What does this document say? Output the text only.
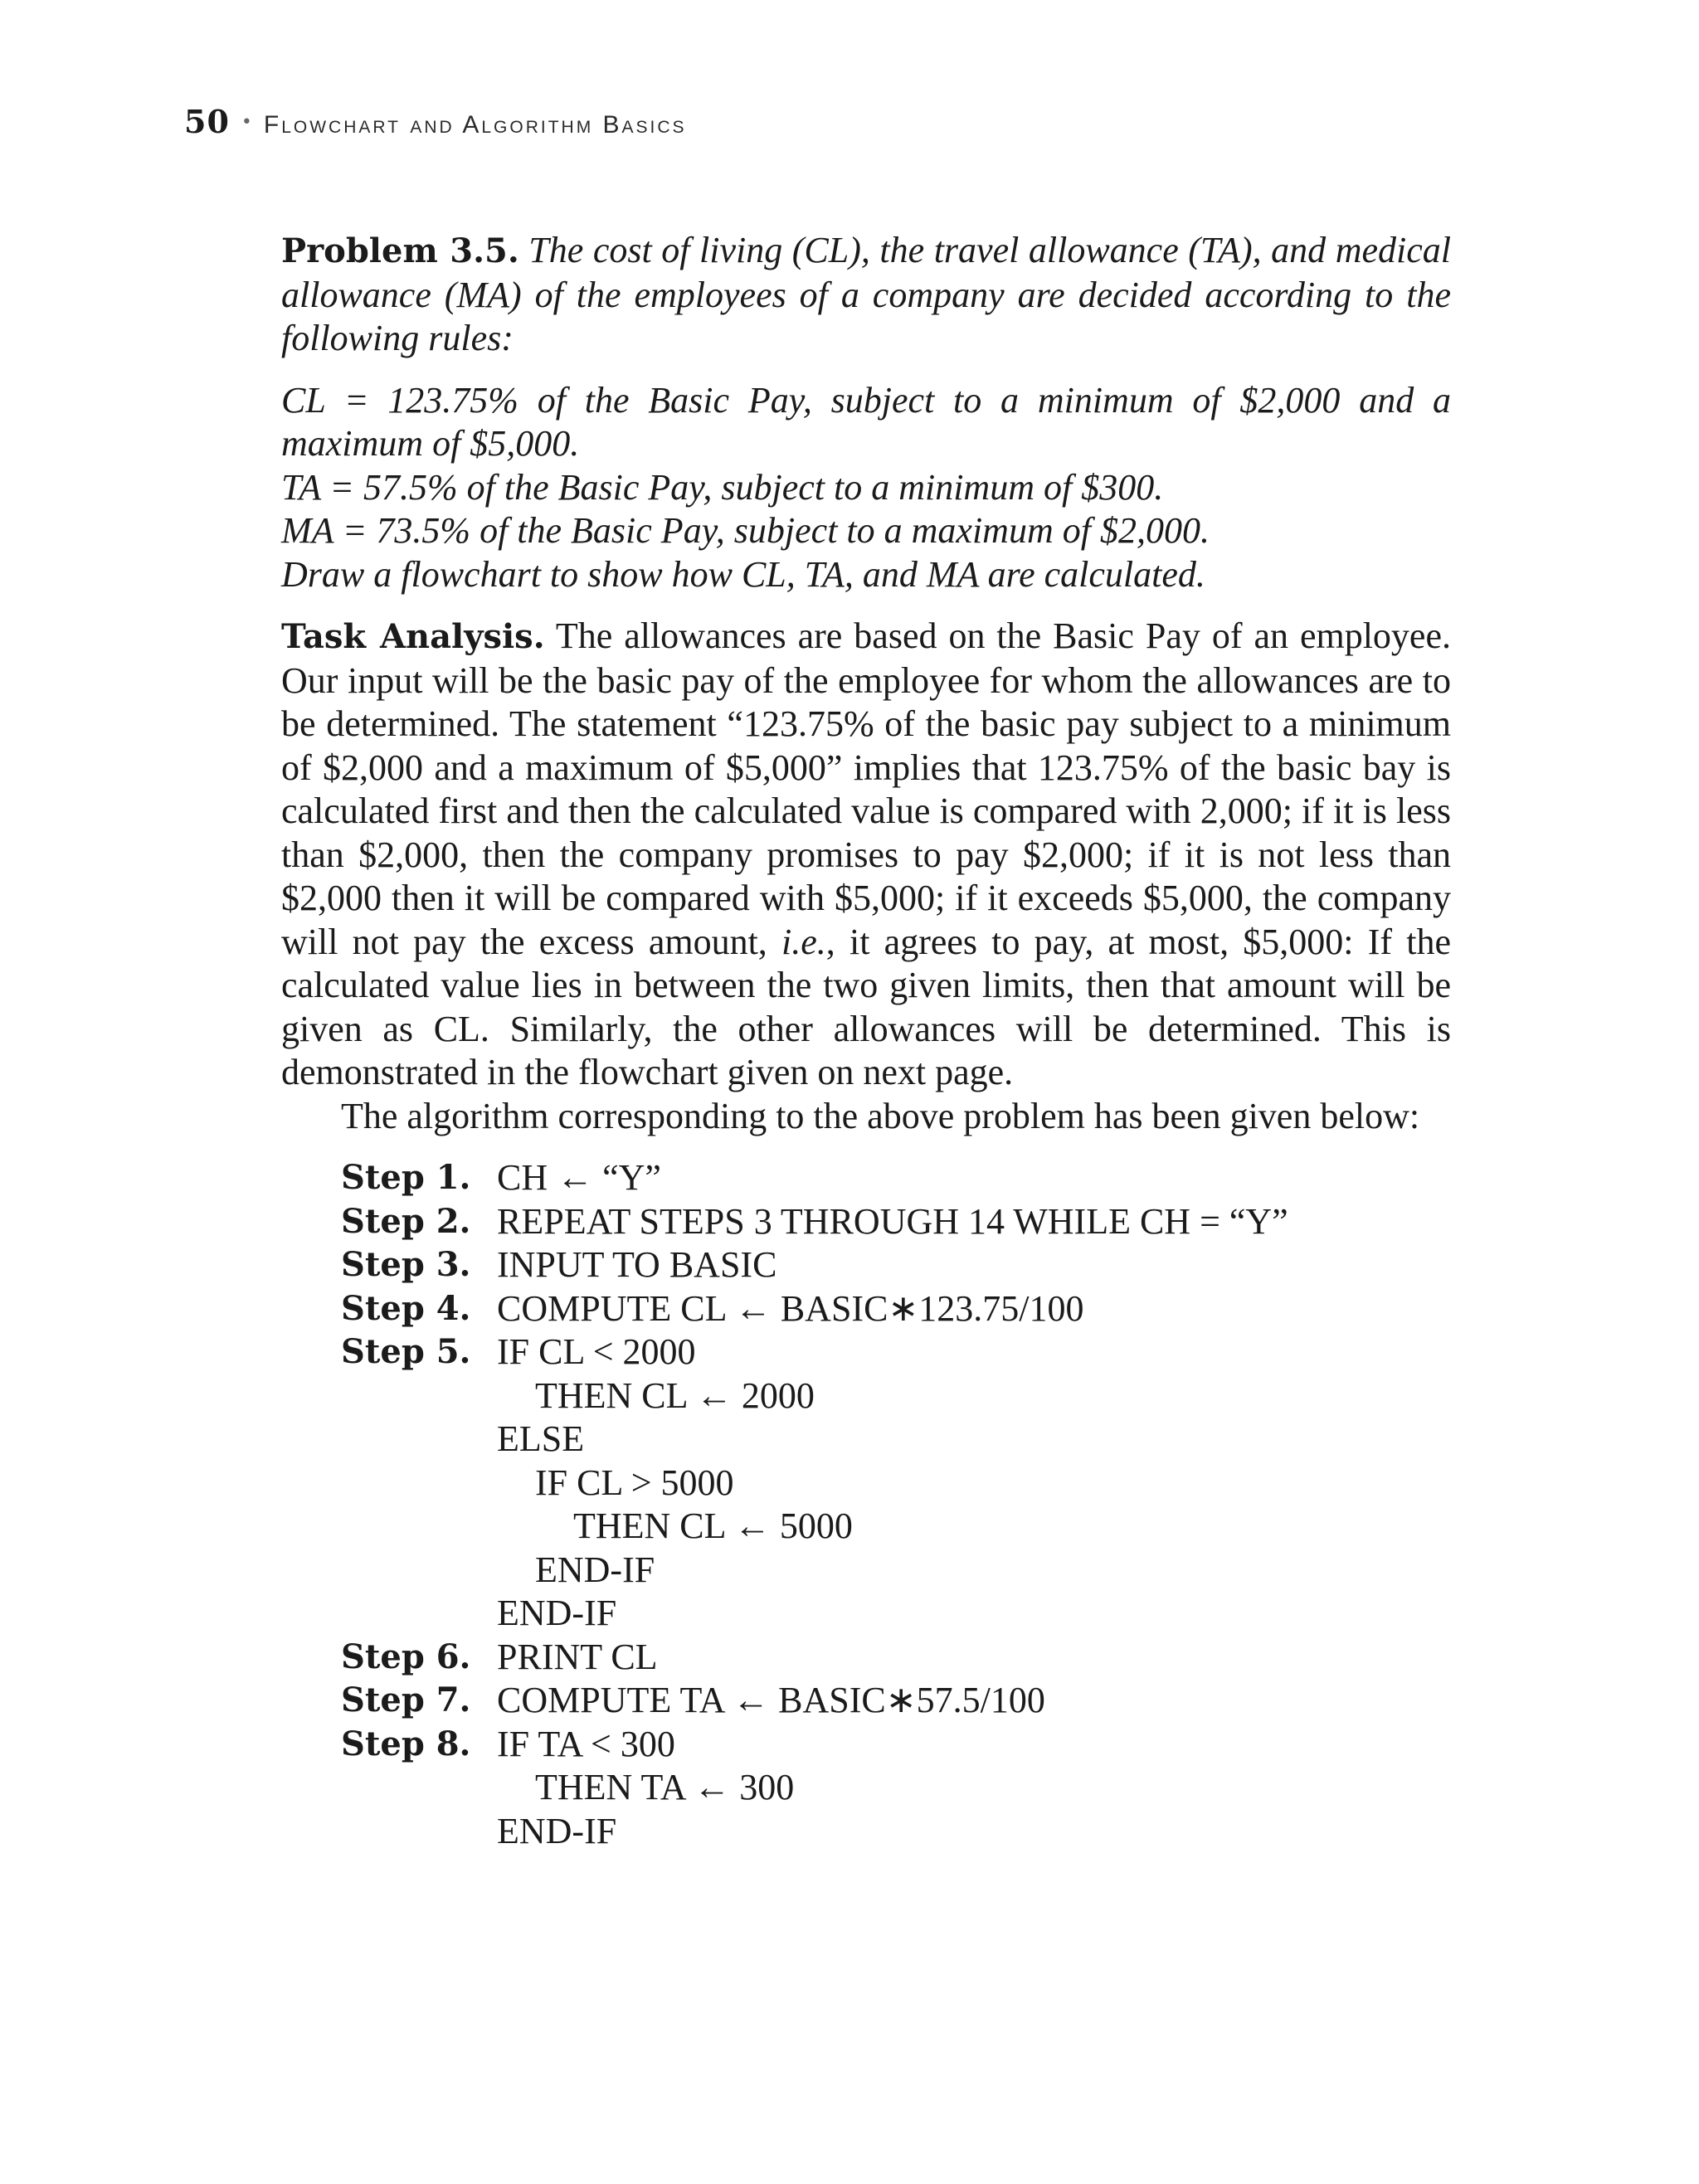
50 • Flowchart and Algorithm Basics

Problem 3.5. The cost of living (CL), the travel allowance (TA), and medical allowance (MA) of the employees of a company are decided according to the following rules:

CL = 123.75% of the Basic Pay, subject to a minimum of $2,000 and a maximum of $5,000.
TA = 57.5% of the Basic Pay, subject to a minimum of $300.
MA = 73.5% of the Basic Pay, subject to a maximum of $2,000.
Draw a flowchart to show how CL, TA, and MA are calculated.

Task Analysis. The allowances are based on the Basic Pay of an employee. Our input will be the basic pay of the employee for whom the allowances are to be determined. The statement “123.75% of the basic pay subject to a minimum of $2,000 and a maximum of $5,000” implies that 123.75% of the basic bay is calculated first and then the calculated value is compared with 2,000; if it is less than $2,000, then the company promises to pay $2,000; if it is not less than $2,000 then it will be compared with $5,000; if it exceeds $5,000, the company will not pay the excess amount, i.e., it agrees to pay, at most, $5,000: If the calculated value lies in between the two given limits, then that amount will be given as CL. Similarly, the other allowances will be determined. This is demonstrated in the flowchart given on next page.

The algorithm corresponding to the above problem has been given below:

Step 1. CH ← “Y”
Step 2. REPEAT STEPS 3 THROUGH 14 WHILE CH = “Y”
Step 3. INPUT TO BASIC
Step 4. COMPUTE CL ← BASIC∗123.75/100
Step 5. IF CL < 2000
THEN CL ← 2000
ELSE
IF CL > 5000
THEN CL ← 5000
END-IF
END-IF
Step 6. PRINT CL
Step 7. COMPUTE TA ← BASIC∗57.5/100
Step 8. IF TA < 300
THEN TA ← 300
END-IF
